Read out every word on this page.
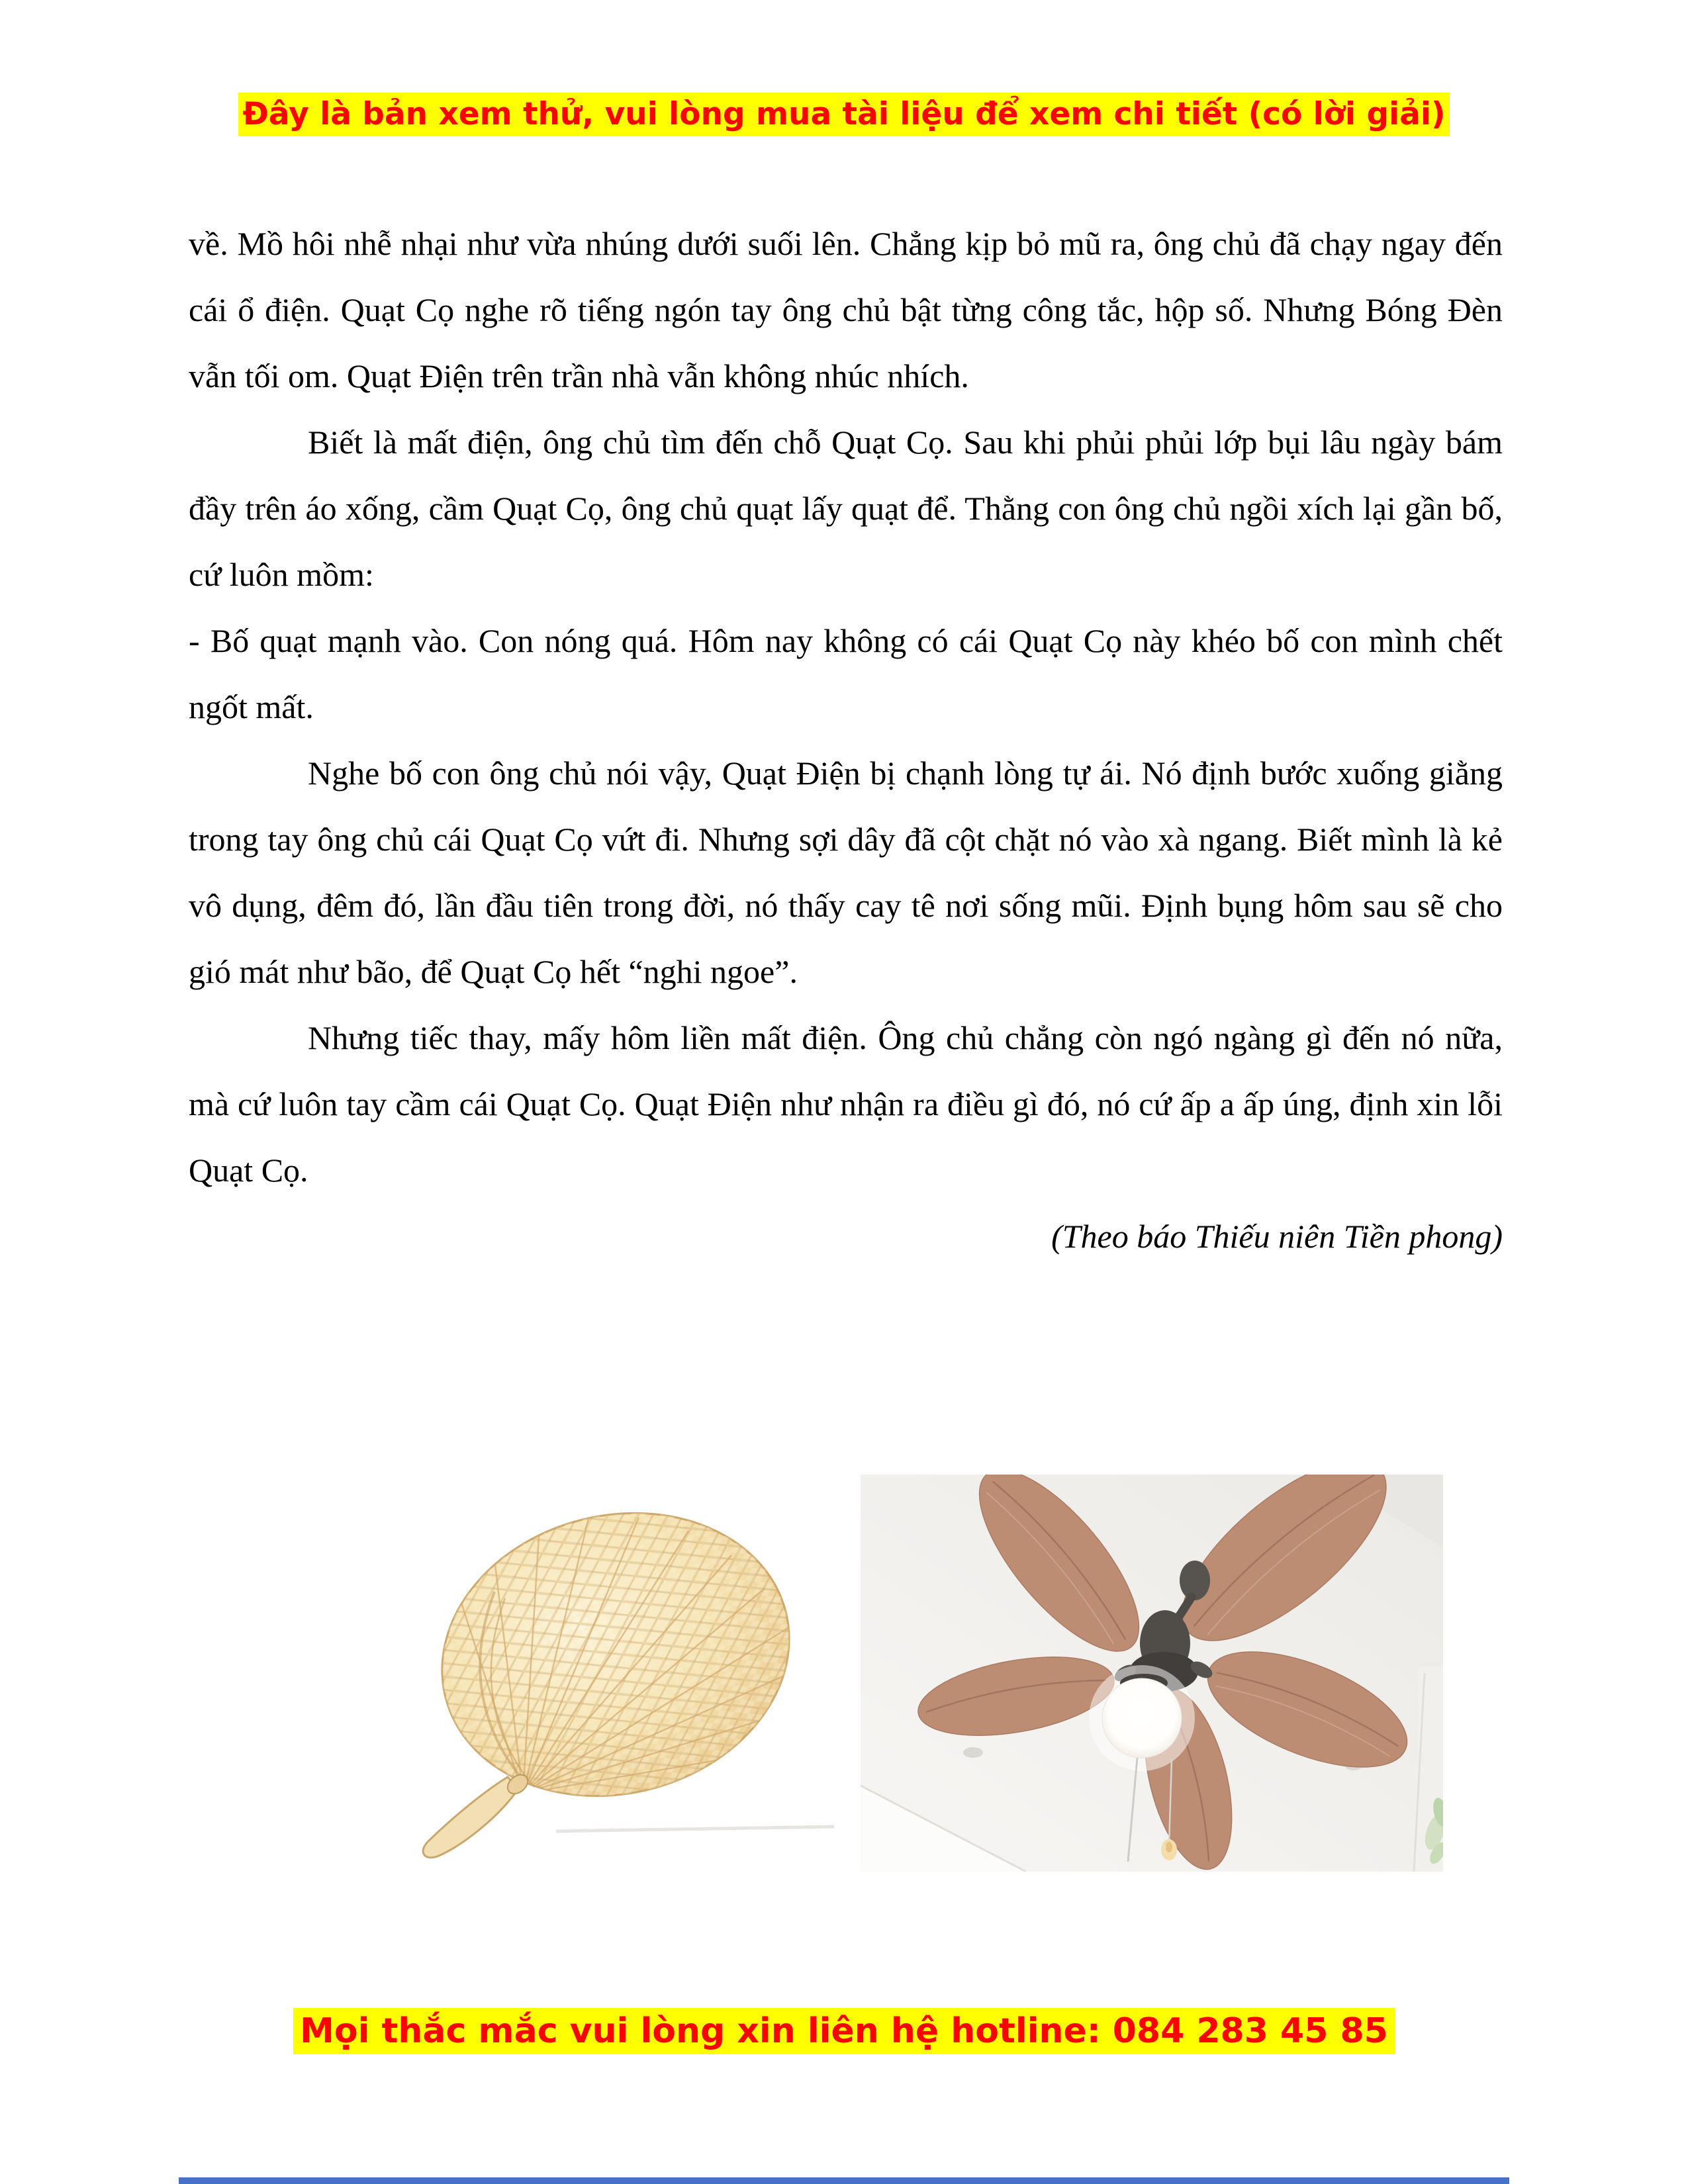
Đây là bản xem thử, vui lòng mua tài liệu để xem chi tiết (có lời giải)

về. Mồ hôi nhễ nhại như vừa nhúng dưới suối lên. Chẳng kịp bỏ mũ ra, ông chủ đã chạy ngay đến cái ổ điện. Quạt Cọ nghe rõ tiếng ngón tay ông chủ bật từng công tắc, hộp số. Nhưng Bóng Đèn vẫn tối om. Quạt Điện trên trần nhà vẫn không nhúc nhích.

Biết là mất điện, ông chủ tìm đến chỗ Quạt Cọ. Sau khi phủi phủi lớp bụi lâu ngày bám đầy trên áo xống, cầm Quạt Cọ, ông chủ quạt lấy quạt để. Thằng con ông chủ ngồi xích lại gần bố, cứ luôn mồm:

- Bố quạt mạnh vào. Con nóng quá. Hôm nay không có cái Quạt Cọ này khéo bố con mình chết ngốt mất.

Nghe bố con ông chủ nói vậy, Quạt Điện bị chạnh lòng tự ái. Nó định bước xuống giằng trong tay ông chủ cái Quạt Cọ vứt đi. Nhưng sợi dây đã cột chặt nó vào xà ngang. Biết mình là kẻ vô dụng, đêm đó, lần đầu tiên trong đời, nó thấy cay tê nơi sống mũi. Định bụng hôm sau sẽ cho gió mát như bão, để Quạt Cọ hết “nghi ngoe”.

Nhưng tiếc thay, mấy hôm liền mất điện. Ông chủ chẳng còn ngó ngàng gì đến nó nữa, mà cứ luôn tay cầm cái Quạt Cọ. Quạt Điện như nhận ra điều gì đó, nó cứ ấp a ấp úng, định xin lỗi Quạt Cọ.

(Theo báo Thiếu niên Tiền phong)

Mọi thắc mắc vui lòng xin liên hệ hotline: 084 283 45 85
